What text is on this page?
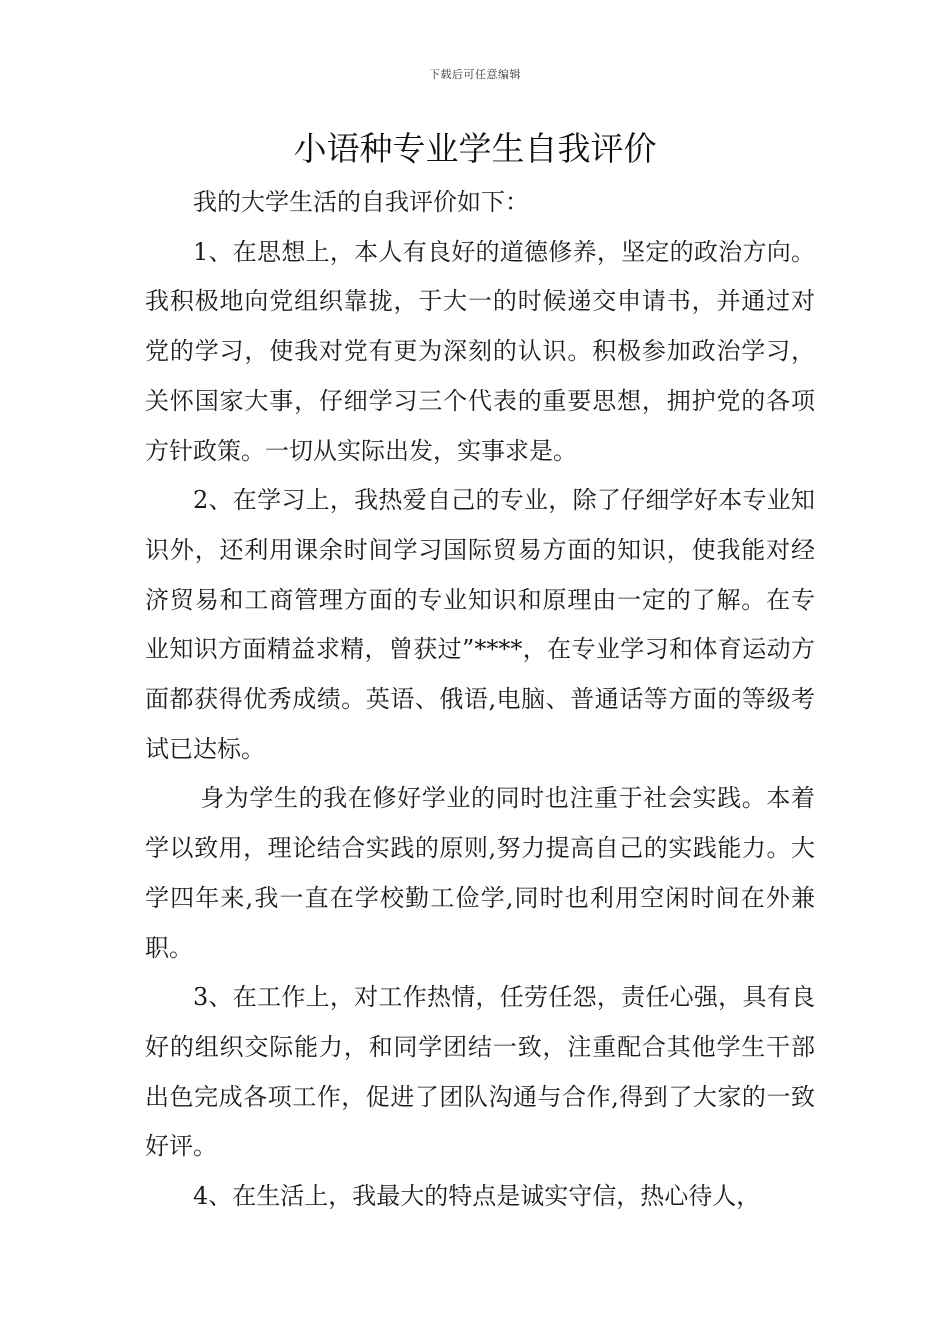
下载后可任意编辑
小语种专业学生自我评价

我的大学生活的自我评价如下：

1、在思想上，本人有良好的道德修养，坚定的政治方向。我积极地向党组织靠拢，于大一的时候递交申请书，并通过对党的学习，使我对党有更为深刻的认识。积极参加政治学习，关怀国家大事，仔细学习三个代表的重要思想，拥护党的各项方针政策。一切从实际出发，实事求是。

2、在学习上，我热爱自己的专业，除了仔细学好本专业知识外，还利用课余时间学习国际贸易方面的知识，使我能对经济贸易和工商管理方面的专业知识和原理由一定的了解。在专业知识方面精益求精，曾获过”****，在专业学习和体育运动方面都获得优秀成绩。英语、俄语,电脑、普通话等方面的等级考试已达标。

身为学生的我在修好学业的同时也注重于社会实践。本着学以致用，理论结合实践的原则,努力提高自己的实践能力。大学四年来,我一直在学校勤工俭学,同时也利用空闲时间在外兼职。

3、在工作上，对工作热情，任劳任怨，责任心强，具有良好的组织交际能力，和同学团结一致，注重配合其他学生干部出色完成各项工作，促进了团队沟通与合作,得到了大家的一致好评。

4、在生活上，我最大的特点是诚实守信，热心待人，
